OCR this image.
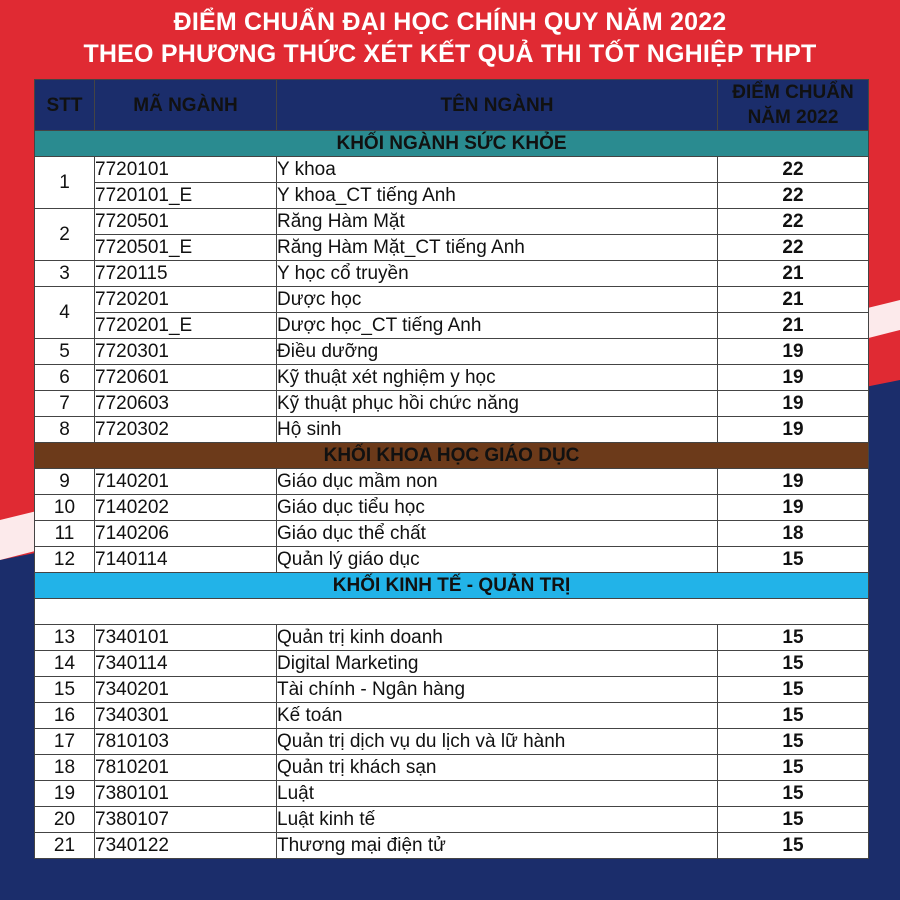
ĐIỂM CHUẨN ĐẠI HỌC CHÍNH QUY NĂM 2022
THEO PHƯƠNG THỨC XÉT KẾT QUẢ THI TỐT NGHIỆP THPT
STT	MÃ NGÀNH	TÊN NGÀNH	ĐIỂM CHUẨN
NĂM 2022

KHỐI NGÀNH SỨC KHỎE			
1	7720101	Y khoa	22
	7720101_E	Y khoa_CT tiếng Anh	22
2	7720501	Răng Hàm Mặt	22
	7720501_E	Răng Hàm Mặt_CT tiếng Anh	22
3	7720115	Y học cổ truyền	21
4	7720201	Dược học	21
	7720201_E	Dược học_CT tiếng Anh	21
5	7720301	Điều dưỡng	19
6	7720601	Kỹ thuật xét nghiệm y học	19
7	7720603	Kỹ thuật phục hồi chức năng	19
8	7720302	Hộ sinh	19
KHỐI KHOA HỌC GIÁO DỤC			
9	7140201	Giáo dục mầm non	19
10	7140202	Giáo dục tiểu học	19
11	7140206	Giáo dục thể chất	18
12	7140114	Quản lý giáo dục	15
KHỐI KINH TẾ - QUẢN TRỊ			

13	7340101	Quản trị kinh doanh	15
14	7340114	Digital Marketing	15
15	7340201	Tài chính - Ngân hàng	15
16	7340301	Kế toán	15
17	7810103	Quản trị dịch vụ du lịch và lữ hành	15
18	7810201	Quản trị khách sạn	15
19	7380101	Luật	15
20	7380107	Luật kinh tế	15
21	7340122	Thương mại điện tử	15
